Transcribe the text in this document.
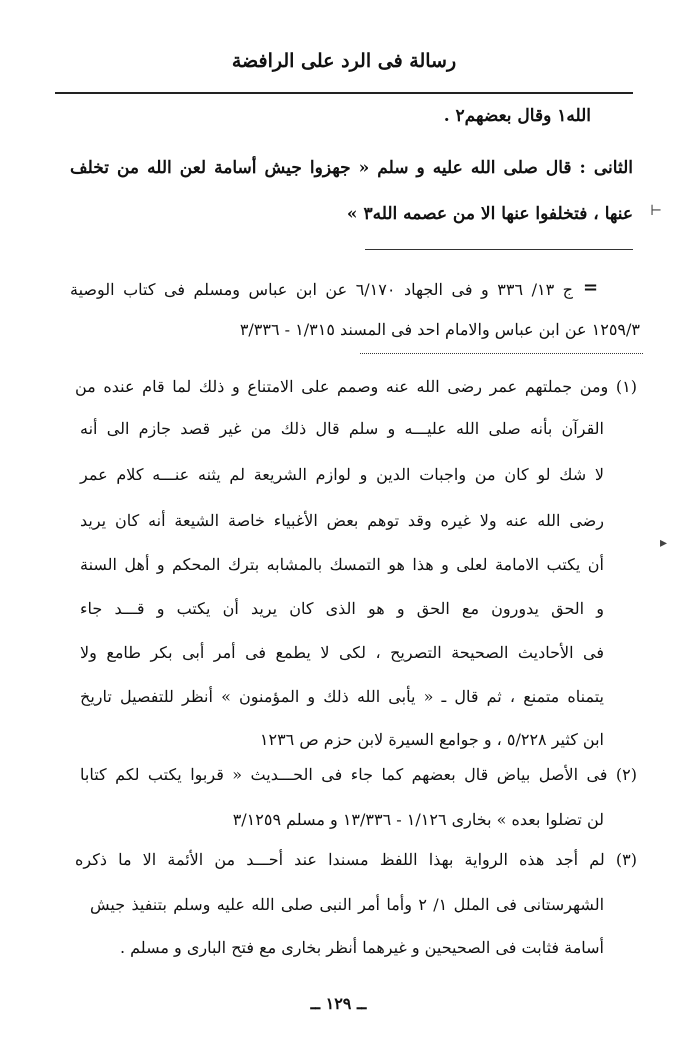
رسالة فى الرد على الرافضة
الله١ وقال بعضهم٢ .
الثانى : قال صلى الله عليه و سلم « جهزوا جيش أسامة لعن الله من تخلف
عنها ، فتخلفوا عنها الا من عصمه الله٣ »
=
ج ١٣/ ٣٣٦ و فى الجهاد ٦/١٧٠ عن ابن عباس ومسلم فى كتاب الوصية
١٢٥٩/٣ عن ابن عباس والامام احد فى المسند ١/٣١٥ - ٣/٣٣٦
(١) ومن جملتهم عمر رضى الله عنه وصمم على الامتناع و ذلك لما قام عنده من
القرآن بأنه صلى الله عليـــه و سلم قال ذلك من غير قصد جازم الى أنه
لا شك لو كان من واجبات الدين و لوازم الشريعة لم يثنه عنـــه كلام عمر
رضى الله عنه ولا غيره وقد توهم بعض الأغبياء خاصة الشيعة أنه كان يريد
أن يكتب الامامة لعلى و هذا هو التمسك بالمشابه بترك المحكم و أهل السنة
و الحق يدورون مع الحق و هو الذى كان يريد أن يكتب و قـــد جاء
فى الأحاديث الصحيحة التصريح ، لكى لا يطمع فى أمر أبى بكر طامع ولا
يتمناه متمنع ، ثم قال ـ « يأبى الله ذلك و المؤمنون » أنظر للتفصيل تاريخ
ابن كثير ٥/٢٢٨ ، و جوامع السيرة لابن حزم ص ١٢٣٦
(٢) فى الأصل بياض قال بعضهم كما جاء فى الحـــديث « قربوا يكتب لكم كتابا
لن تضلوا بعده » بخارى ١/١٢٦ - ١٣/٣٣٦ و مسلم ٣/١٢٥٩
(٣) لم أجد هذه الرواية بهذا اللفظ مسندا عند أحـــد من الأئمة الا ما ذكره
الشهرستانى فى الملل ١/ ٢ وأما أمر النبى صلى الله عليه وسلم بتنفيذ جيش
أسامة فثابت فى الصحيحين و غيرهما أنظر بخارى مع فتح البارى و مسلم .
ــ ١٢٩ ــ
⊢
▸
